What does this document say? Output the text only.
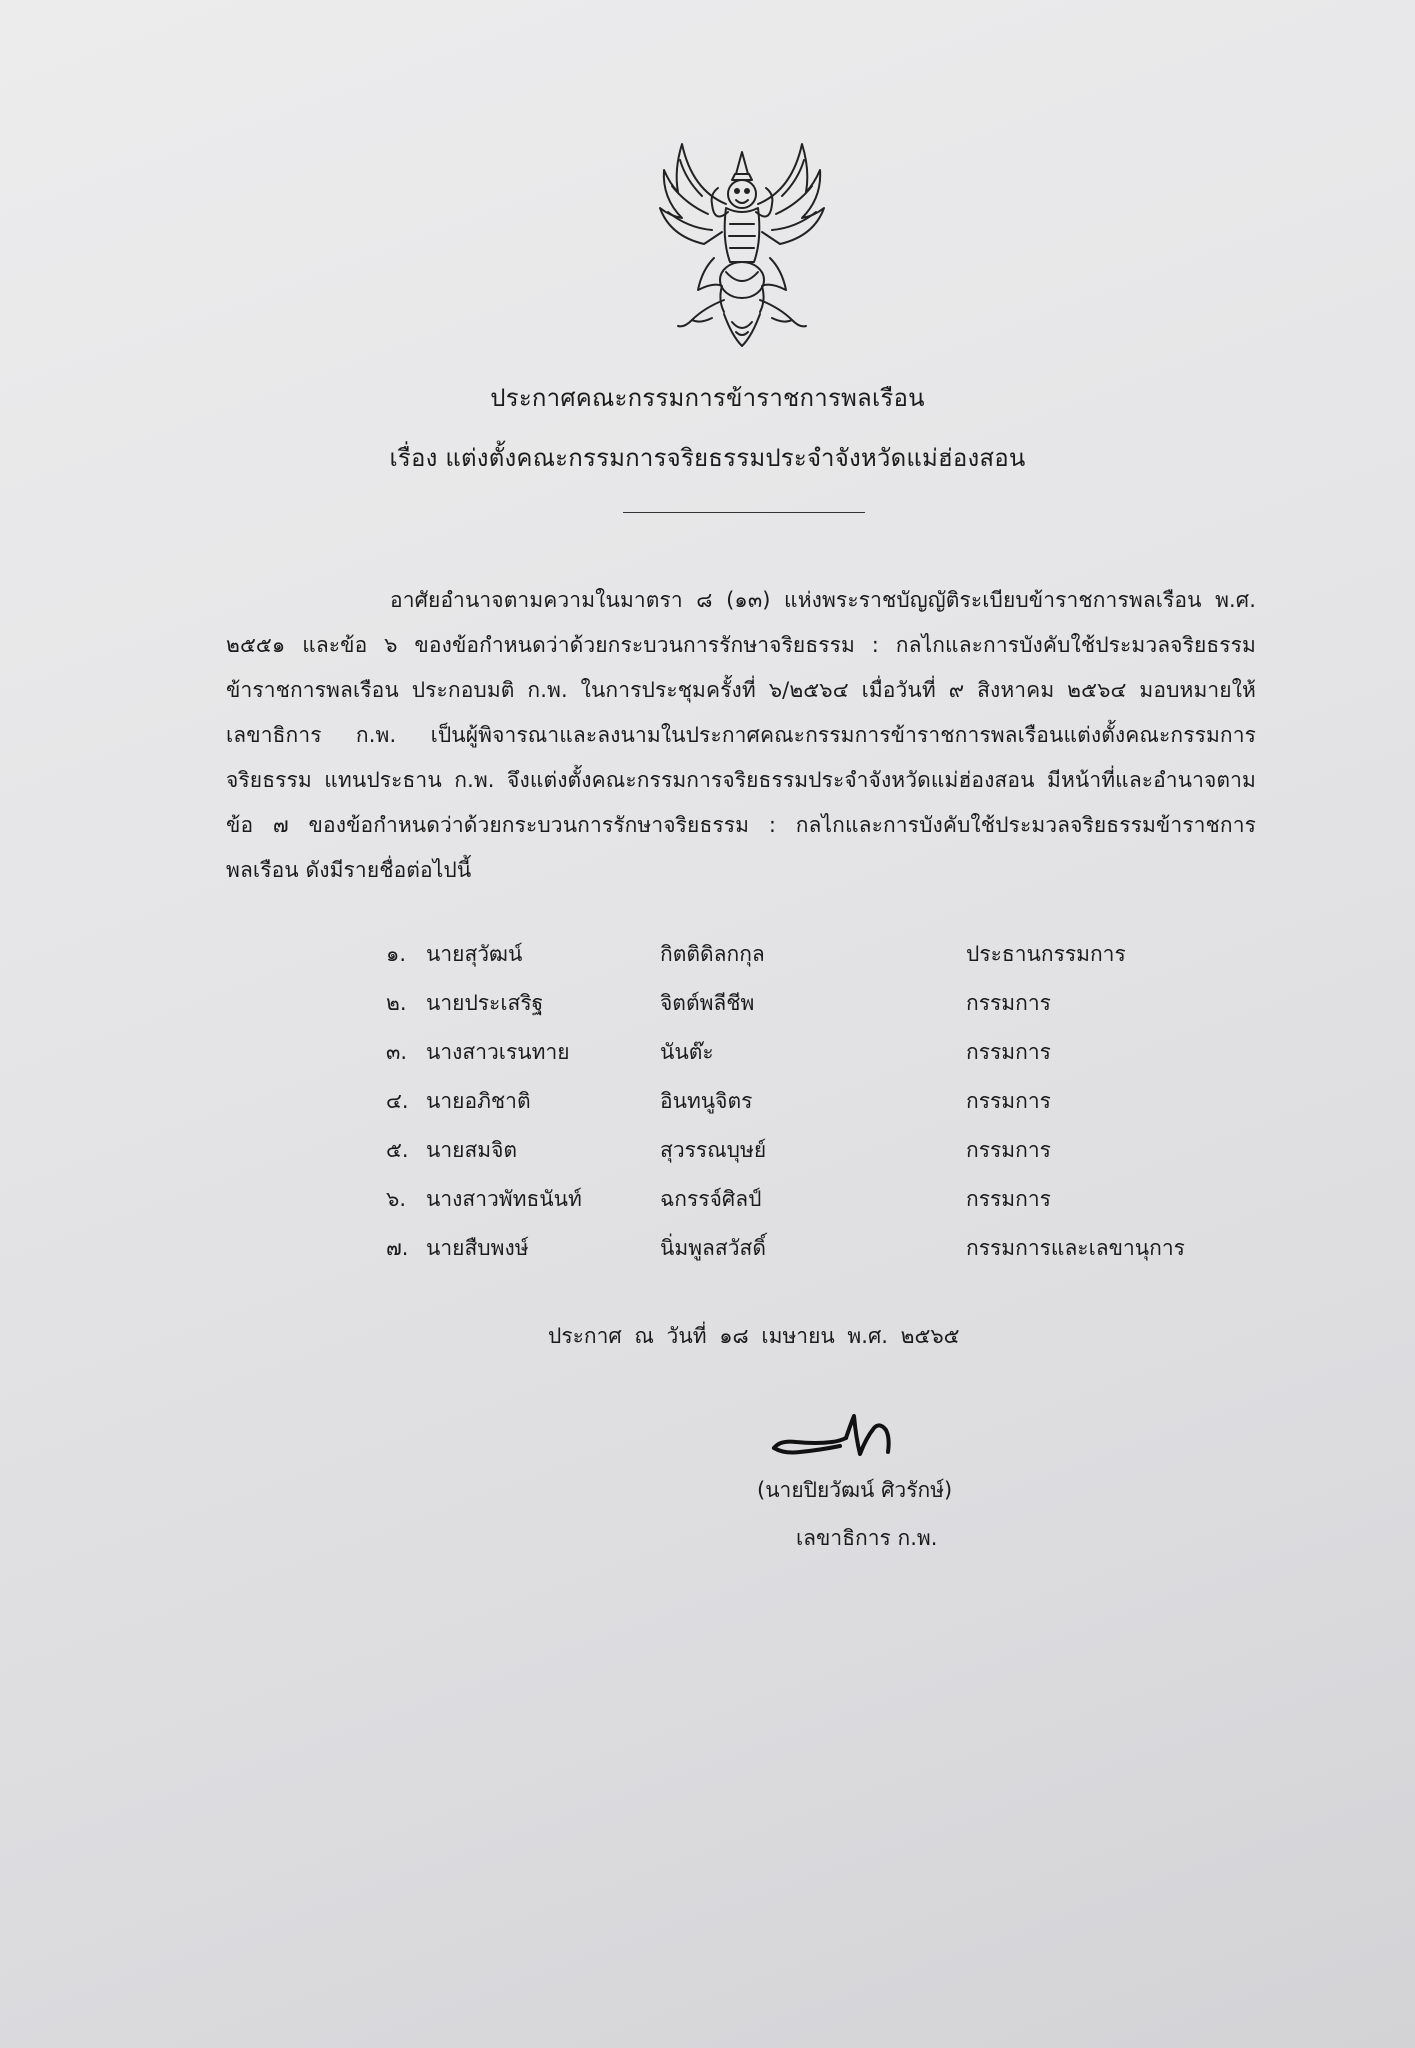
ประกาศคณะกรรมการข้าราชการพลเรือน
เรื่อง แต่งตั้งคณะกรรมการจริยธรรมประจำจังหวัดแม่ฮ่องสอน
อาศัยอำนาจตามความในมาตรา ๘ (๑๓) แห่งพระราชบัญญัติระเบียบข้าราชการพลเรือน พ.ศ. ๒๕๕๑ และข้อ ๖ ของข้อกำหนดว่าด้วยกระบวนการรักษาจริยธรรม : กลไกและการบังคับใช้ประมวลจริยธรรมข้าราชการพลเรือน ประกอบมติ ก.พ. ในการประชุมครั้งที่ ๖/๒๕๖๔ เมื่อวันที่ ๙ สิงหาคม ๒๕๖๔ มอบหมายให้เลขาธิการ ก.พ. เป็นผู้พิจารณาและลงนามในประกาศคณะกรรมการข้าราชการพลเรือนแต่งตั้งคณะกรรมการจริยธรรม แทนประธาน ก.พ. จึงแต่งตั้งคณะกรรมการจริยธรรมประจำจังหวัดแม่ฮ่องสอน มีหน้าที่และอำนาจตามข้อ ๗ ของข้อกำหนดว่าด้วยกระบวนการรักษาจริยธรรม : กลไกและการบังคับใช้ประมวลจริยธรรมข้าราชการพลเรือน ดังมีรายชื่อต่อไปนี้
๑. นายสุวัฒน์	กิตติดิลกกุล	ประธานกรรมการ
๒. นายประเสริฐ	จิตต์พลีชีพ	กรรมการ
๓. นางสาวเรนทาย	นันต๊ะ	กรรมการ
๔. นายอภิชาติ	อินทนูจิตร	กรรมการ
๕. นายสมจิต	สุวรรณบุษย์	กรรมการ
๖. นางสาวพัทธนันท์	ฉกรรจ์ศิลป์	กรรมการ
๗. นายสืบพงษ์	นิ่มพูลสวัสดิ์	กรรมการและเลขานุการ
ประกาศ ณ วันที่ ๑๘ เมษายน พ.ศ. ๒๕๖๕
(นายปิยวัฒน์ ศิวรักษ์)
เลขาธิการ ก.พ.
